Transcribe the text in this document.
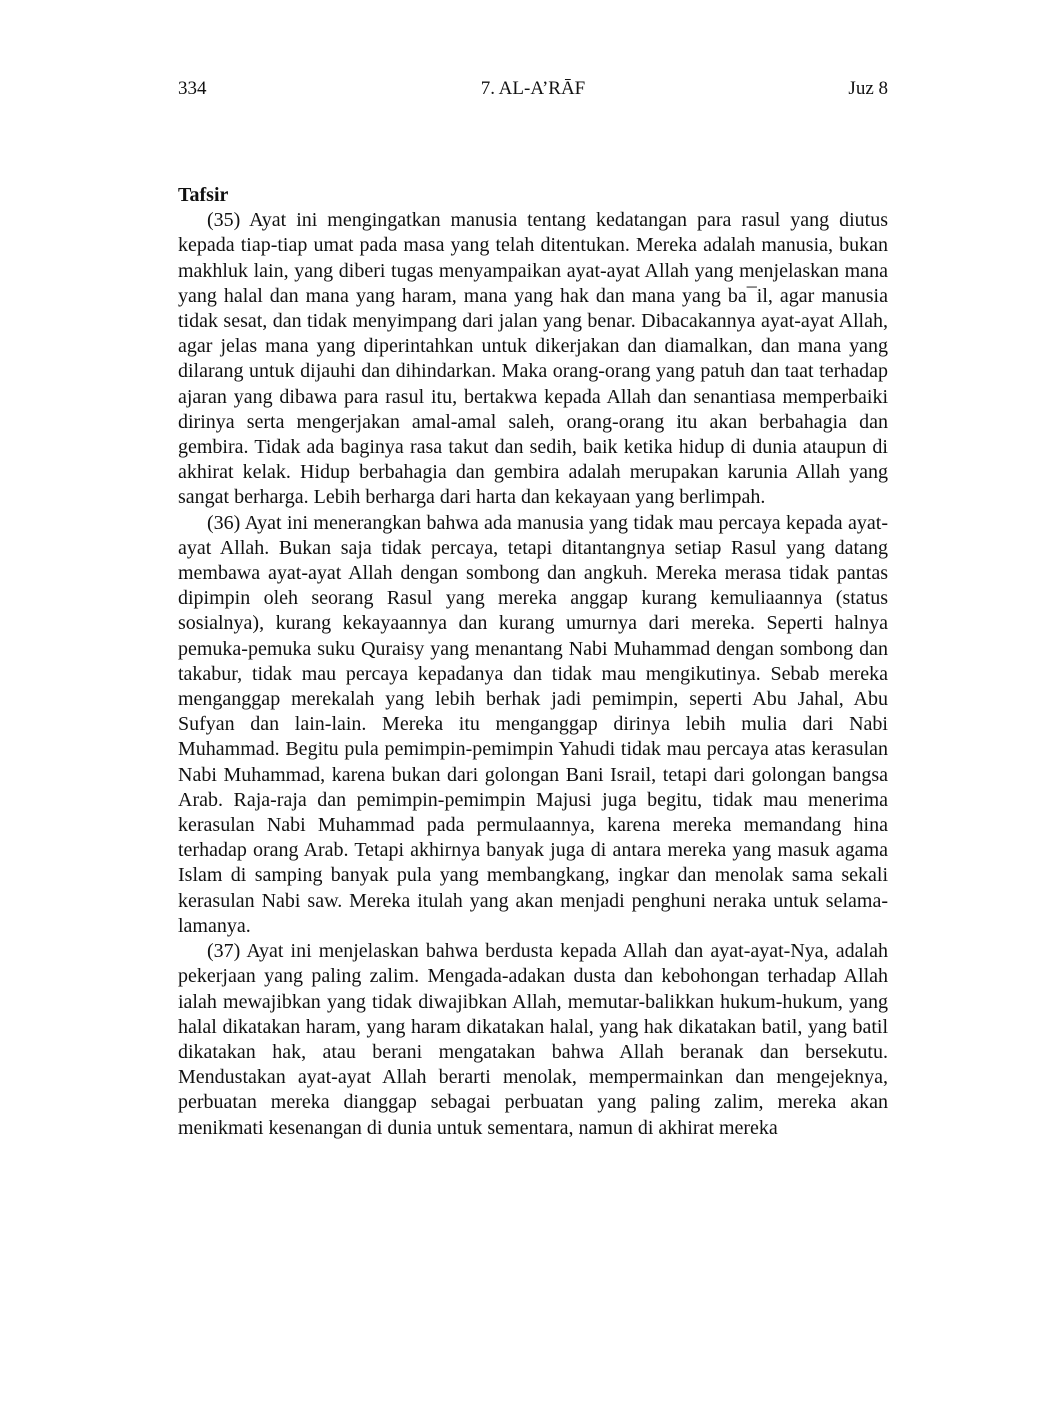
334	7. AL-A’RĀF	Juz 8

Tafsir

(35) Ayat ini mengingatkan manusia tentang kedatangan para rasul yang diutus kepada tiap-tiap umat pada masa yang telah ditentukan. Mereka adalah manusia, bukan makhluk lain, yang diberi tugas menyampaikan ayat-ayat Allah yang menjelaskan mana yang halal dan mana yang haram, mana yang hak dan mana yang ba¯il, agar manusia tidak sesat, dan tidak menyimpang dari jalan yang benar. Dibacakannya ayat-ayat Allah, agar jelas mana yang diperintahkan untuk dikerjakan dan diamalkan, dan mana yang dilarang untuk dijauhi dan dihindarkan. Maka orang-orang yang patuh dan taat terhadap ajaran yang dibawa para rasul itu, bertakwa kepada Allah dan senantiasa memperbaiki dirinya serta mengerjakan amal-amal saleh, orang-orang itu akan berbahagia dan gembira. Tidak ada baginya rasa takut dan sedih, baik ketika hidup di dunia ataupun di akhirat kelak. Hidup berbahagia dan gembira adalah merupakan karunia Allah yang sangat berharga. Lebih berharga dari harta dan kekayaan yang berlimpah.

(36) Ayat ini menerangkan bahwa ada manusia yang tidak mau percaya kepada ayat-ayat Allah. Bukan saja tidak percaya, tetapi ditantangnya setiap Rasul yang datang membawa ayat-ayat Allah dengan sombong dan angkuh. Mereka merasa tidak pantas dipimpin oleh seorang Rasul yang mereka anggap kurang kemuliaannya (status sosialnya), kurang kekayaannya dan kurang umurnya dari mereka. Seperti halnya pemuka-pemuka suku Quraisy yang menantang Nabi Muhammad dengan sombong dan takabur, tidak mau percaya kepadanya dan tidak mau mengikutinya. Sebab mereka menganggap merekalah yang lebih berhak jadi pemimpin, seperti Abu Jahal, Abu Sufyan dan lain-lain. Mereka itu menganggap dirinya lebih mulia dari Nabi Muhammad. Begitu pula pemimpin-pemimpin Yahudi tidak mau percaya atas kerasulan Nabi Muhammad, karena bukan dari golongan Bani Israil, tetapi dari golongan bangsa Arab. Raja-raja dan pemimpin-pemimpin Majusi juga begitu, tidak mau menerima kerasulan Nabi Muhammad pada permulaannya, karena mereka memandang hina terhadap orang Arab. Tetapi akhirnya banyak juga di antara mereka yang masuk agama Islam di samping banyak pula yang membangkang, ingkar dan menolak sama sekali kerasulan Nabi saw. Mereka itulah yang akan menjadi penghuni neraka untuk selama-lamanya.

(37) Ayat ini menjelaskan bahwa berdusta kepada Allah dan ayat-ayat-Nya, adalah pekerjaan yang paling zalim. Mengada-adakan dusta dan kebohongan terhadap Allah ialah mewajibkan yang tidak diwajibkan Allah, memutar-balikkan hukum-hukum, yang halal dikatakan haram, yang haram dikatakan halal, yang hak dikatakan batil, yang batil dikatakan hak, atau berani mengatakan bahwa Allah beranak dan bersekutu. Mendustakan ayat-ayat Allah berarti menolak, mempermainkan dan mengejeknya, perbuatan mereka dianggap sebagai perbuatan yang paling zalim, mereka akan menikmati kesenangan di dunia untuk sementara, namun di akhirat mereka
